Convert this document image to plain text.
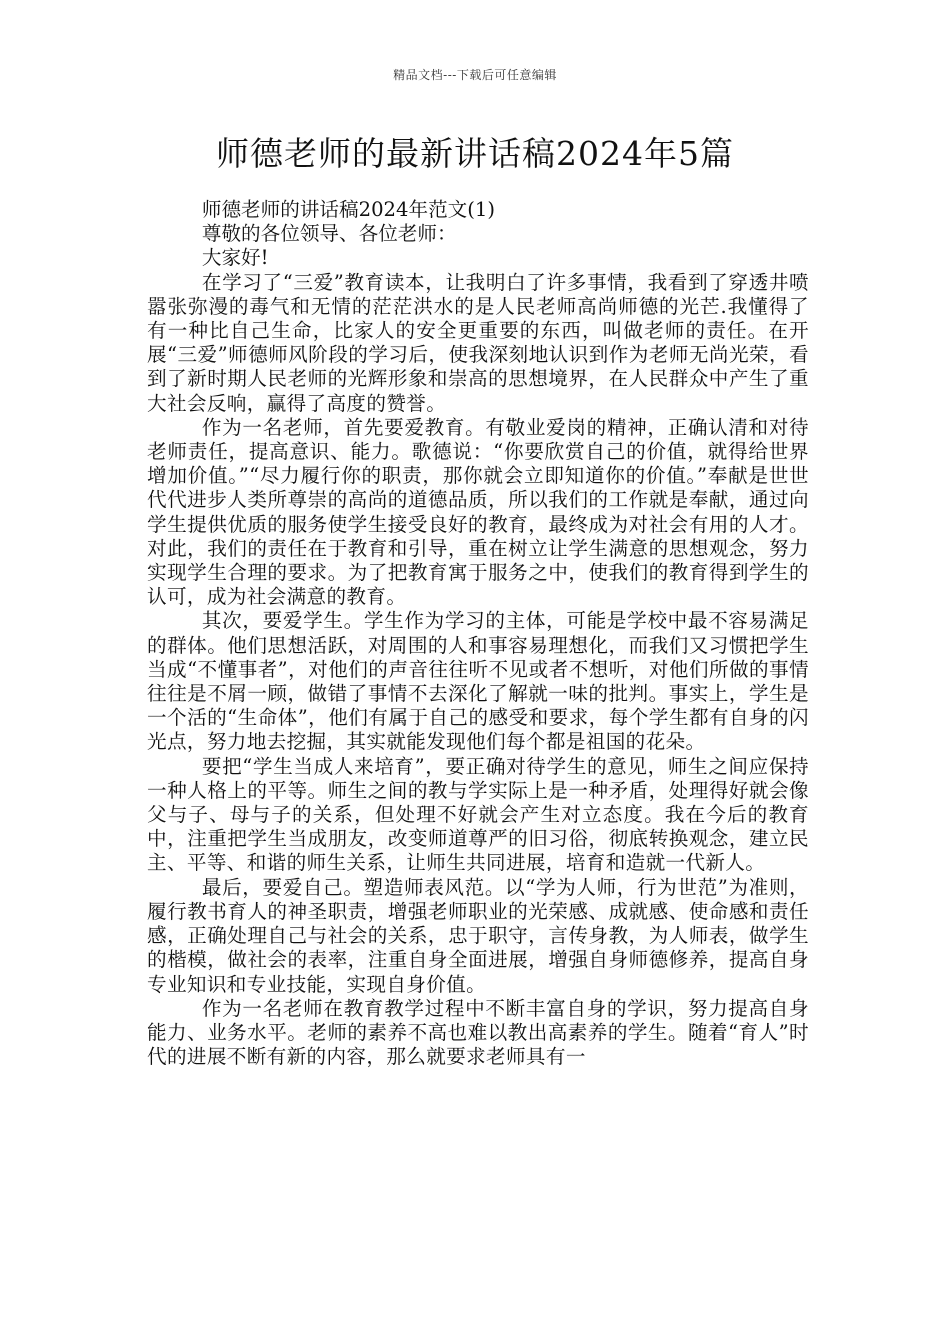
精品文档---下载后可任意编辑
师德老师的最新讲话稿2024年5篇

师德老师的讲话稿2024年范文(1)

尊敬的各位领导、各位老师：

大家好!

在学习了“三爱”教育读本，让我明白了许多事情，我看到了穿透井喷嚣张弥漫的毒气和无情的茫茫洪水的是人民老师高尚师德的光芒.我懂得了有一种比自己生命，比家人的安全更重要的东西，叫做老师的责任。在开展“三爱”师德师风阶段的学习后，使我深刻地认识到作为老师无尚光荣，看到了新时期人民老师的光辉形象和崇高的思想境界，在人民群众中产生了重大社会反响，赢得了高度的赞誉。

作为一名老师，首先要爱教育。有敬业爱岗的精神，正确认清和对待老师责任，提高意识、能力。歌德说：“你要欣赏自己的价值，就得给世界增加价值。”“尽力履行你的职责，那你就会立即知道你的价值。”奉献是世世代代进步人类所尊崇的高尚的道德品质，所以我们的工作就是奉献，通过向学生提供优质的服务使学生接受良好的教育，最终成为对社会有用的人才。对此，我们的责任在于教育和引导，重在树立让学生满意的思想观念，努力实现学生合理的要求。为了把教育寓于服务之中，使我们的教育得到学生的认可，成为社会满意的教育。

其次，要爱学生。学生作为学习的主体，可能是学校中最不容易满足的群体。他们思想活跃，对周围的人和事容易理想化，而我们又习惯把学生当成“不懂事者”，对他们的声音往往听不见或者不想听，对他们所做的事情往往是不屑一顾，做错了事情不去深化了解就一味的批判。事实上，学生是一个活的“生命体”，他们有属于自己的感受和要求，每个学生都有自身的闪光点，努力地去挖掘，其实就能发现他们每个都是祖国的花朵。

要把“学生当成人来培育”，要正确对待学生的意见，师生之间应保持一种人格上的平等。师生之间的教与学实际上是一种矛盾，处理得好就会像父与子、母与子的关系，但处理不好就会产生对立态度。我在今后的教育中，注重把学生当成朋友，改变师道尊严的旧习俗，彻底转换观念，建立民主、平等、和谐的师生关系，让师生共同进展，培育和造就一代新人。

最后，要爱自己。塑造师表风范。以“学为人师，行为世范”为准则，履行教书育人的神圣职责，增强老师职业的光荣感、成就感、使命感和责任感，正确处理自己与社会的关系，忠于职守，言传身教，为人师表，做学生的楷模，做社会的表率，注重自身全面进展，增强自身师德修养，提高自身专业知识和专业技能，实现自身价值。

作为一名老师在教育教学过程中不断丰富自身的学识，努力提高自身能力、业务水平。老师的素养不高也难以教出高素养的学生。随着“育人”时代的进展不断有新的内容，那么就要求老师具有一
